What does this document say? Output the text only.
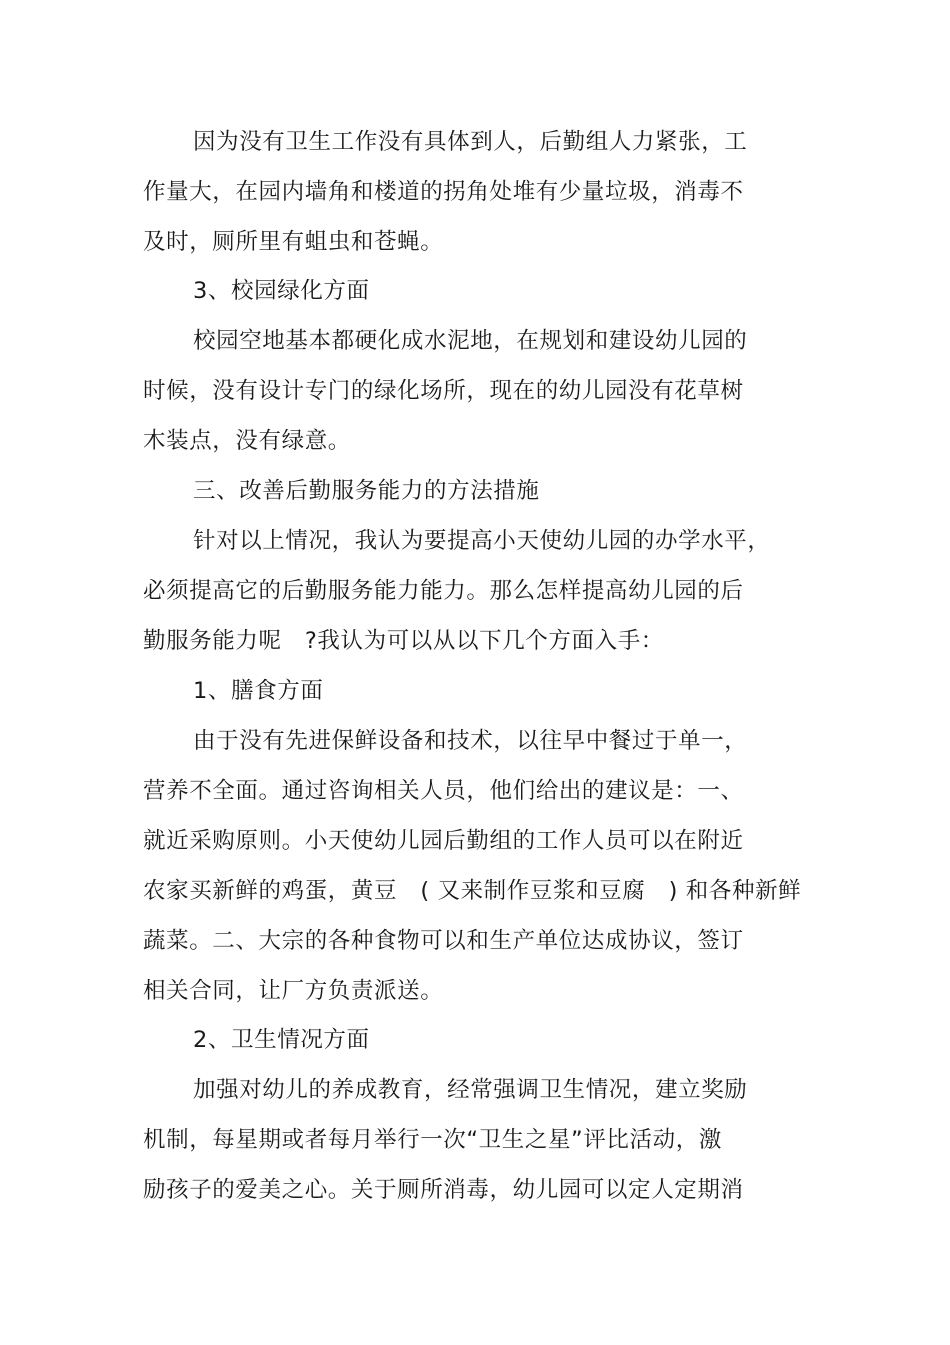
因为没有卫生工作没有具体到人，后勤组人力紧张，工
作量大，在园内墙角和楼道的拐角处堆有少量垃圾，消毒不
及时，厕所里有蛆虫和苍蝇。
3、校园绿化方面
校园空地基本都硬化成水泥地，在规划和建设幼儿园的
时候，没有设计专门的绿化场所，现在的幼儿园没有花草树
木装点，没有绿意。
三、改善后勤服务能力的方法措施
针对以上情况，我认为要提高小天使幼儿园的办学水平，
必须提高它的后勤服务能力能力。那么怎样提高幼儿园的后
勤服务能力呢   ?我认为可以从以下几个方面入手：
1、膳食方面
由于没有先进保鲜设备和技术，以往早中餐过于单一，
营养不全面。通过咨询相关人员，他们给出的建议是：一、
就近采购原则。小天使幼儿园后勤组的工作人员可以在附近
农家买新鲜的鸡蛋，黄豆   ( 又来制作豆浆和豆腐   ) 和各种新鲜
蔬菜。二、大宗的各种食物可以和生产单位达成协议，签订
相关合同，让厂方负责派送。
2、卫生情况方面
加强对幼儿的养成教育，经常强调卫生情况，建立奖励
机制，每星期或者每月举行一次“卫生之星”评比活动，激
励孩子的爱美之心。关于厕所消毒，幼儿园可以定人定期消
